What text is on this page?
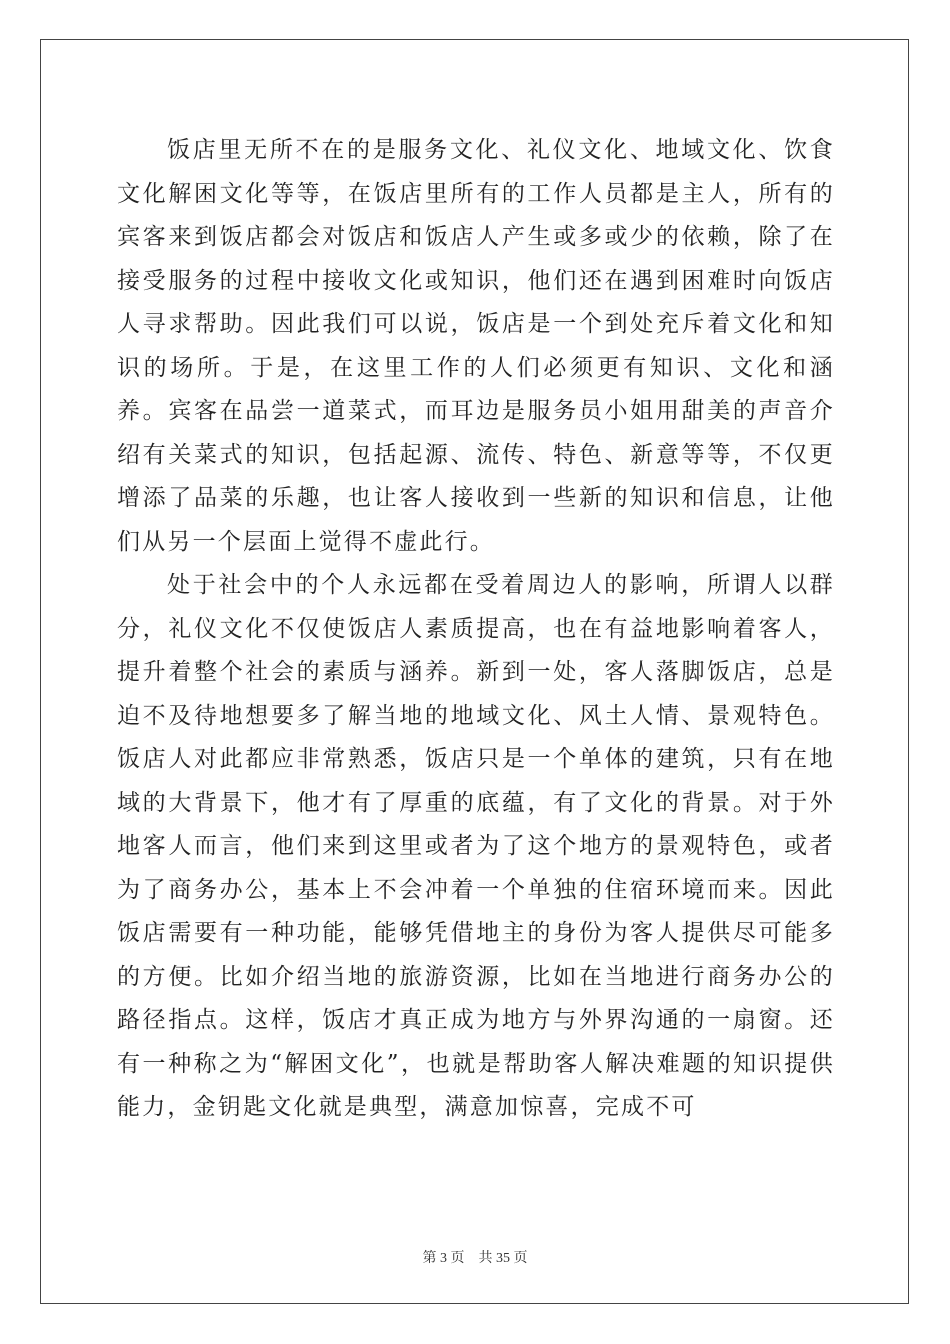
饭店里无所不在的是服务文化、礼仪文化、地域文化、饮食文化解困文化等等，在饭店里所有的工作人员都是主人，所有的宾客来到饭店都会对饭店和饭店人产生或多或少的依赖，除了在接受服务的过程中接收文化或知识，他们还在遇到困难时向饭店人寻求帮助。因此我们可以说，饭店是一个到处充斥着文化和知识的场所。于是，在这里工作的人们必须更有知识、文化和涵养。宾客在品尝一道菜式，而耳边是服务员小姐用甜美的声音介绍有关菜式的知识，包括起源、流传、特色、新意等等，不仅更增添了品菜的乐趣，也让客人接收到一些新的知识和信息，让他们从另一个层面上觉得不虚此行。

处于社会中的个人永远都在受着周边人的影响，所谓人以群分，礼仪文化不仅使饭店人素质提高，也在有益地影响着客人，提升着整个社会的素质与涵养。新到一处，客人落脚饭店，总是迫不及待地想要多了解当地的地域文化、风土人情、景观特色。饭店人对此都应非常熟悉，饭店只是一个单体的建筑，只有在地域的大背景下，他才有了厚重的底蕴，有了文化的背景。对于外地客人而言，他们来到这里或者为了这个地方的景观特色，或者为了商务办公，基本上不会冲着一个单独的住宿环境而来。因此饭店需要有一种功能，能够凭借地主的身份为客人提供尽可能多的方便。比如介绍当地的旅游资源，比如在当地进行商务办公的路径指点。这样，饭店才真正成为地方与外界沟通的一扇窗。还有一种称之为“解困文化”，也就是帮助客人解决难题的知识提供能力，金钥匙文化就是典型，满意加惊喜，完成不可

第 3 页 共 35 页
